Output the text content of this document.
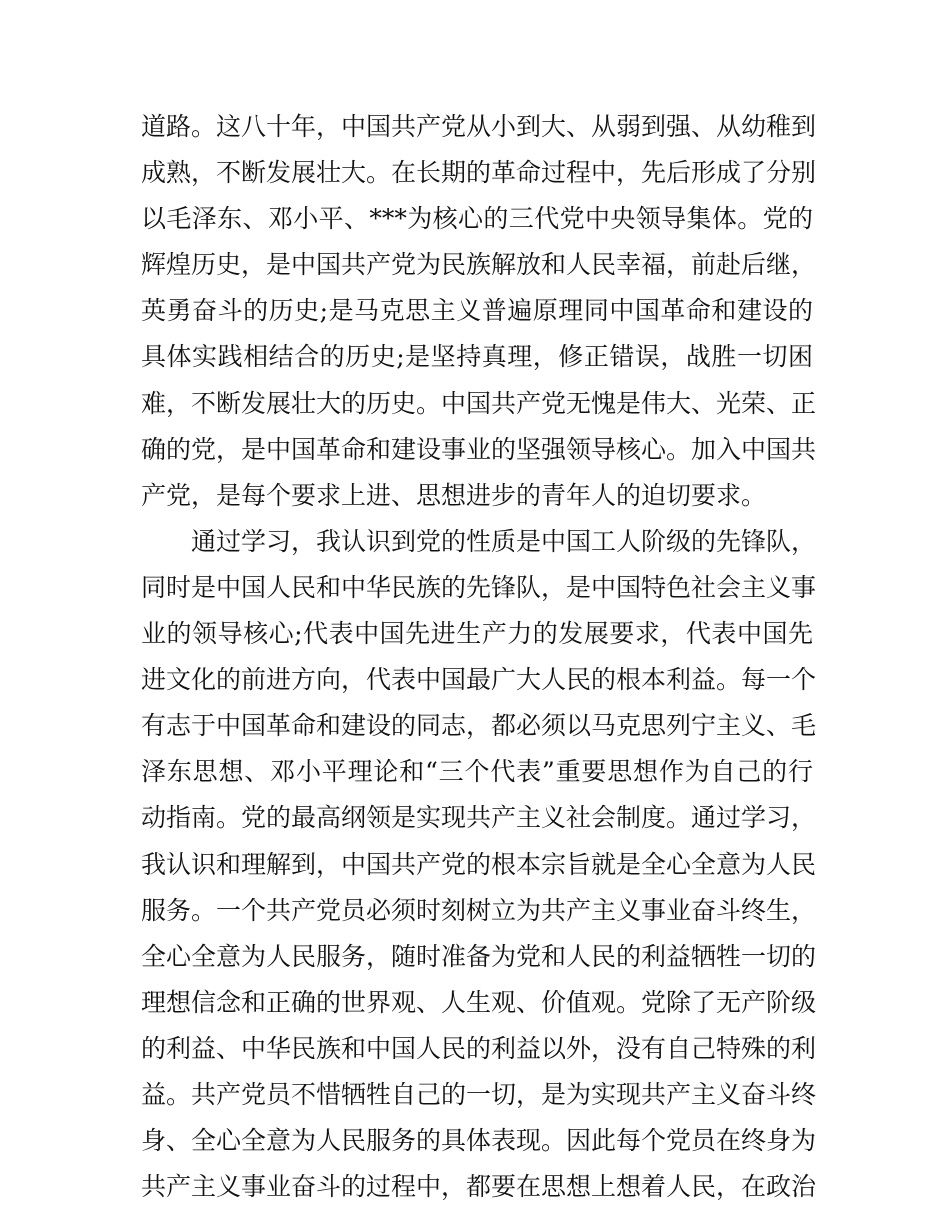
道路。这八十年，中国共产党从小到大、从弱到强、从幼稚到
成熟，不断发展壮大。在长期的革命过程中，先后形成了分别
以毛泽东、邓小平、***为核心的三代党中央领导集体。党的
辉煌历史，是中国共产党为民族解放和人民幸福，前赴后继，
英勇奋斗的历史;是马克思主义普遍原理同中国革命和建设的
具体实践相结合的历史;是坚持真理，修正错误，战胜一切困
难，不断发展壮大的历史。中国共产党无愧是伟大、光荣、正
确的党，是中国革命和建设事业的坚强领导核心。加入中国共
产党，是每个要求上进、思想进步的青年人的迫切要求。
通过学习，我认识到党的性质是中国工人阶级的先锋队，
同时是中国人民和中华民族的先锋队，是中国特色社会主义事
业的领导核心;代表中国先进生产力的发展要求，代表中国先
进文化的前进方向，代表中国最广大人民的根本利益。每一个
有志于中国革命和建设的同志，都必须以马克思列宁主义、毛
泽东思想、邓小平理论和“三个代表”重要思想作为自己的行
动指南。党的最高纲领是实现共产主义社会制度。通过学习，
我认识和理解到，中国共产党的根本宗旨就是全心全意为人民
服务。一个共产党员必须时刻树立为共产主义事业奋斗终生，
全心全意为人民服务，随时准备为党和人民的利益牺牲一切的
理想信念和正确的世界观、人生观、价值观。党除了无产阶级
的利益、中华民族和中国人民的利益以外，没有自己特殊的利
益。共产党员不惜牺牲自己的一切，是为实现共产主义奋斗终
身、全心全意为人民服务的具体表现。因此每个党员在终身为
共产主义事业奋斗的过程中，都要在思想上想着人民，在政治
